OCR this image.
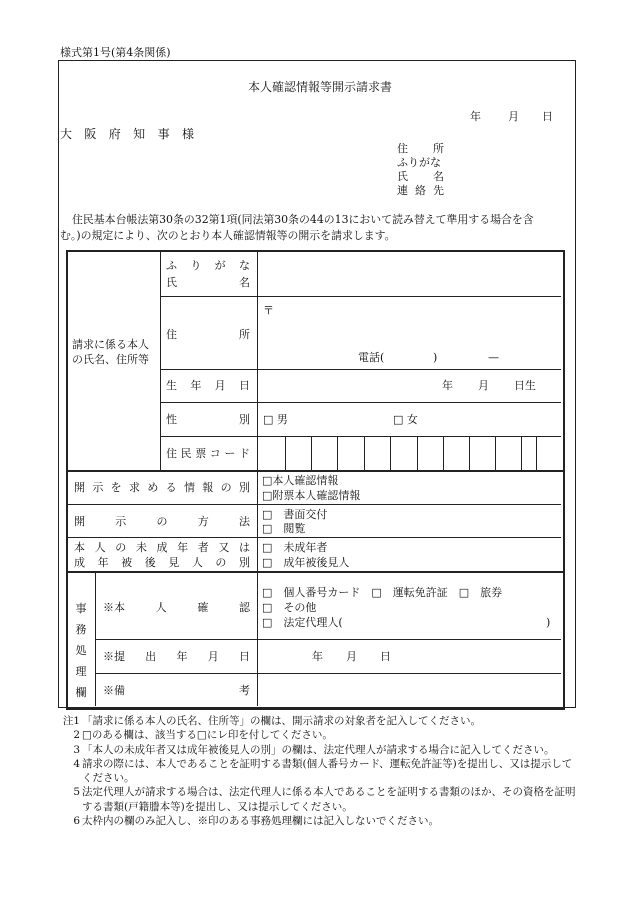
様式第1号(第4条関係)
本人確認情報等開示請求書
年 月 日
大 阪 府 知 事 様
住 所
ふりがな
氏 名
連 絡 先
住民基本台帳法第30条の32第1項(同法第30条の44の13において読み替えて準用する場合を含
む。)の規定により、次のとおり本人確認情報等の開示を請求します。
請求に係る本人の氏名、住所等
ふ り が な
氏	名
住	所
〒
電話(	)	—
生 年 月 日	年 月 日生
性	別 □ 男	□ 女
住 民 票 コ ー ド
開 示 を 求 め る 情 報 の 別
□本人確認情報
□附票本人確認情報
開	示	の	方	法
□　書面交付
□　閲覧
本 人 の 未 成 年 者 又 は
成 年 被 後 見 人 の 別
□　未成年者
□　成年被後見人
事
務
処
理
欄
※本	人	確	認
□　個人番号カード　□　運転免許証　□　旅券
□　その他
□　法定代理人(	)
※提 出 年 月 日	年 月 日
※備	考
注1 「請求に係る本人の氏名、住所等」の欄は、開示請求の対象者を記入してください。
2 □のある欄は、該当する□にレ印を付してください。
3 「本人の未成年者又は成年被後見人の別」の欄は、法定代理人が請求する場合に記入してください。
4 請求の際には、本人であることを証明する書類(個人番号カード、運転免許証等)を提出し、又は提示してください。
5 法定代理人が請求する場合は、法定代理人に係る本人であることを証明する書類のほか、その資格を証明する書類(戸籍謄本等)を提出し、又は提示してください。
6 太枠内の欄のみ記入し、※印のある事務処理欄には記入しないでください。
